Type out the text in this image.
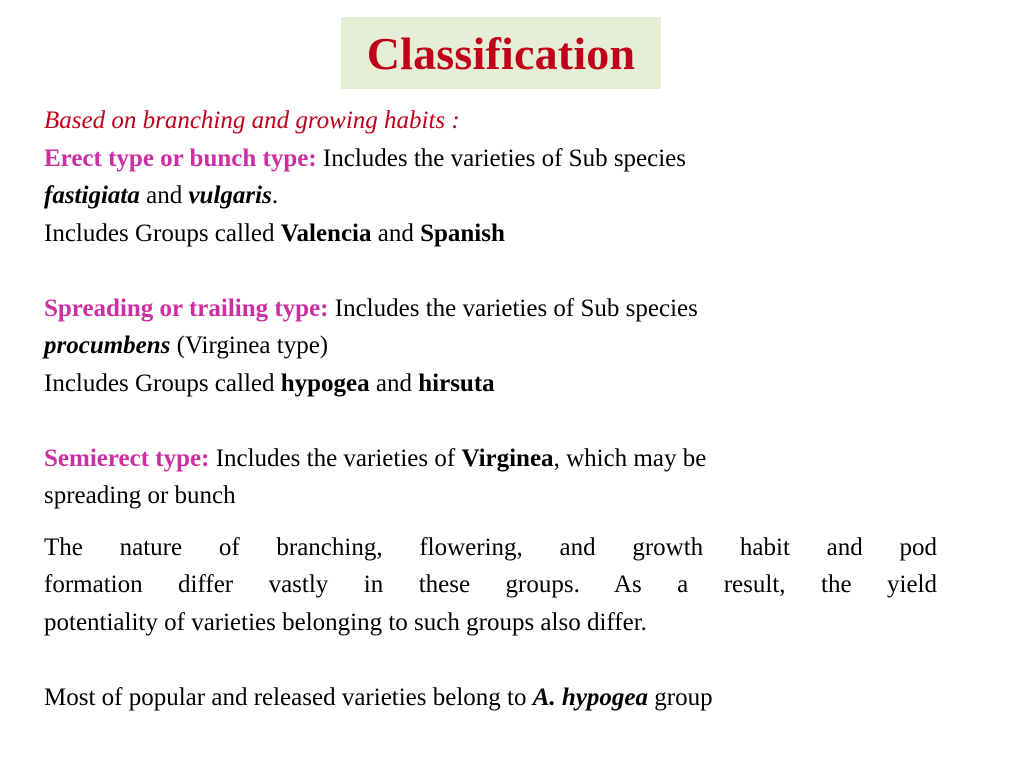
Classification
Based on branching and growing habits :
Erect type or bunch type: Includes the varieties of Sub species
fastigiata and vulgaris.
Includes Groups called Valencia and Spanish
Spreading or trailing type: Includes the varieties of Sub species
procumbens (Virginea type)
Includes Groups called hypogea and hirsuta
Semierect type: Includes the varieties of Virginea, which may be
spreading or bunch
The nature of branching, flowering, and growth habit and pod
formation differ vastly in these groups. As a result, the yield
potentiality of varieties belonging to such groups also differ.
Most of popular and released varieties belong to A. hypogea group
